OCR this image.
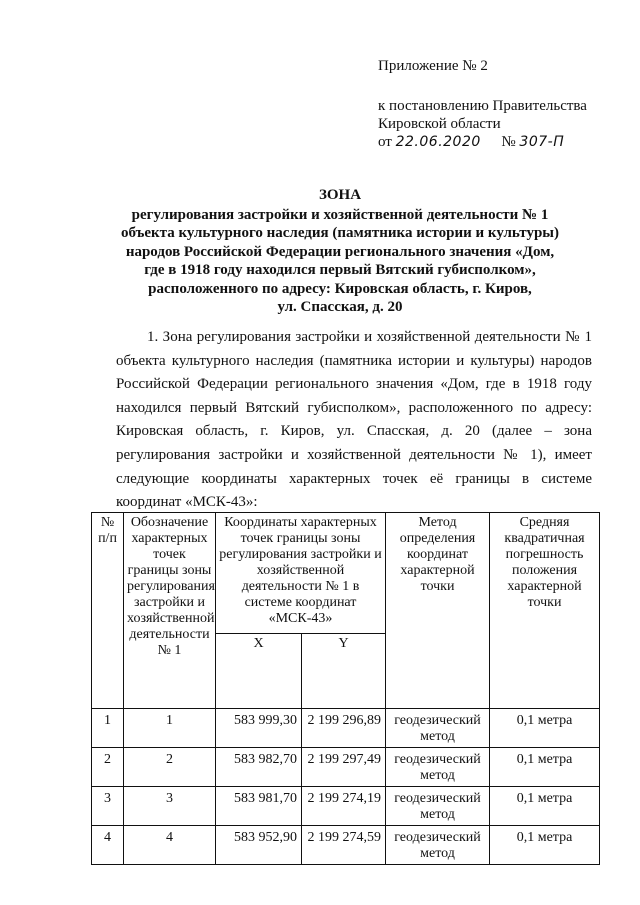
Приложение № 2
к постановлению Правительства
Кировской области
от 22.06.2020 № 307-П
ЗОНА
регулирования застройки и хозяйственной деятельности № 1
объекта культурного наследия (памятника истории и культуры)
народов Российской Федерации регионального значения «Дом,
где в 1918 году находился первый Вятский губисполком»,
расположенного по адресу: Кировская область, г. Киров,
ул. Спасская, д. 20

1. Зона регулирования застройки и хозяйственной деятельности № 1 объекта культурного наследия (памятника истории и культуры) народов Российской Федерации регионального значения «Дом, где в 1918 году находился первый Вятский губисполком», расположенного по адресу: Кировская область, г. Киров, ул. Спасская, д. 20 (далее – зона регулирования застройки и хозяйственной деятельности № 1), имеет следующие координаты характерных точек её границы в системе координат «МСК-43»:

№ п/п	Обозначение характерных точек границы зоны регулирования застройки и хозяйственной деятельности № 1	Координаты характерных точек границы зоны регулирования застройки и хозяйственной деятельности № 1 в системе координат «МСК-43»		Метод определения координат характерной точки	Средняя квадратичная погрешность положения характерной точки
		X	Y		
1	1	583 999,30	2 199 296,89	геодезический метод	0,1 метра
2	2	583 982,70	2 199 297,49	геодезический метод	0,1 метра
3	3	583 981,70	2 199 274,19	геодезический метод	0,1 метра
4	4	583 952,90	2 199 274,59	геодезический метод	0,1 метра
